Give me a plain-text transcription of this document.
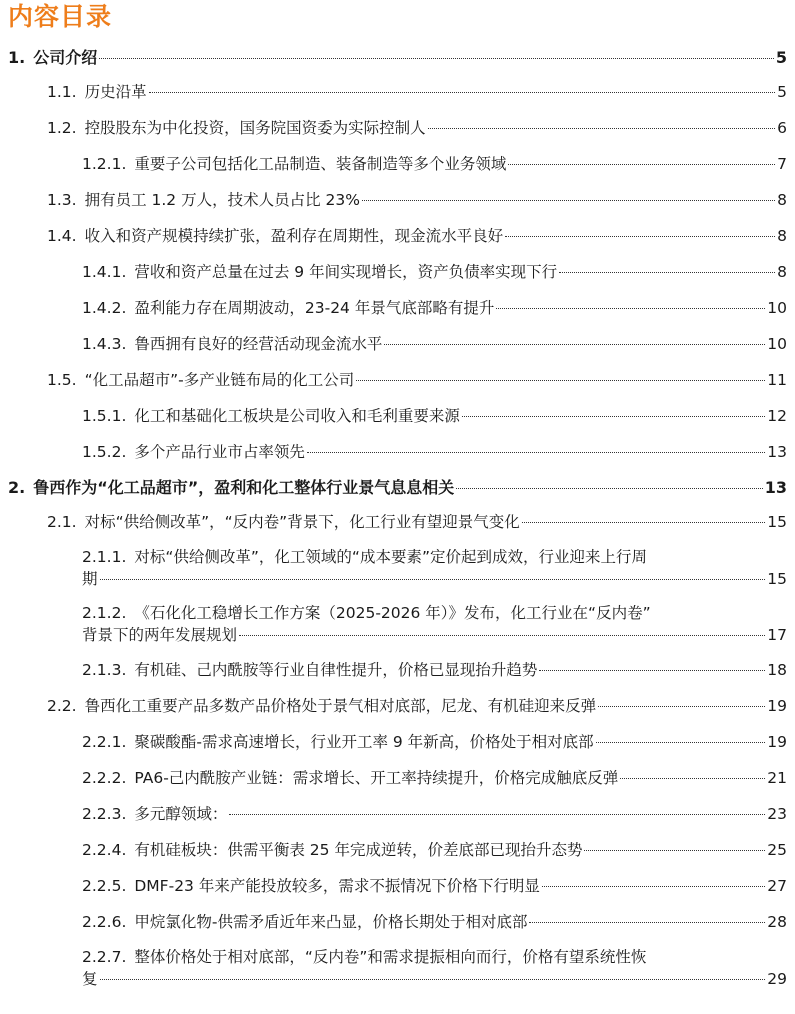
内容目录
1. 公司介绍	5
1.1. 历史沿革	5
1.2. 控股股东为中化投资，国务院国资委为实际控制人	6
1.2.1. 重要子公司包括化工品制造、装备制造等多个业务领域	7
1.3. 拥有员工 1.2 万人，技术人员占比 23%	8
1.4. 收入和资产规模持续扩张，盈利存在周期性，现金流水平良好	8
1.4.1. 营收和资产总量在过去 9 年间实现增长，资产负债率实现下行	8
1.4.2. 盈利能力存在周期波动，23-24 年景气底部略有提升	10
1.4.3. 鲁西拥有良好的经营活动现金流水平	10
1.5. “化工品超市”-多产业链布局的化工公司	11
1.5.1. 化工和基础化工板块是公司收入和毛利重要来源	12
1.5.2. 多个产品行业市占率领先	13
2. 鲁西作为“化工品超市”，盈利和化工整体行业景气息息相关	13
2.1. 对标“供给侧改革”，“反内卷”背景下，化工行业有望迎景气变化	15
2.1.1. 对标“供给侧改革”，化工领域的“成本要素”定价起到成效，行业迎来上行周
期	15
2.1.2. 《石化化工稳增长工作方案（2025-2026 年）》发布，化工行业在“反内卷”
背景下的两年发展规划	17
2.1.3. 有机硅、己内酰胺等行业自律性提升，价格已显现抬升趋势	18
2.2. 鲁西化工重要产品多数产品价格处于景气相对底部，尼龙、有机硅迎来反弹	19
2.2.1. 聚碳酸酯-需求高速增长，行业开工率 9 年新高，价格处于相对底部	19
2.2.2. PA6-己内酰胺产业链：需求增长、开工率持续提升，价格完成触底反弹	21
2.2.3. 多元醇领域：	23
2.2.4. 有机硅板块：供需平衡表 25 年完成逆转，价差底部已现抬升态势	25
2.2.5. DMF-23 年来产能投放较多，需求不振情况下价格下行明显	27
2.2.6. 甲烷氯化物-供需矛盾近年来凸显，价格长期处于相对底部	28
2.2.7. 整体价格处于相对底部，“反内卷”和需求提振相向而行，价格有望系统性恢
复	29
